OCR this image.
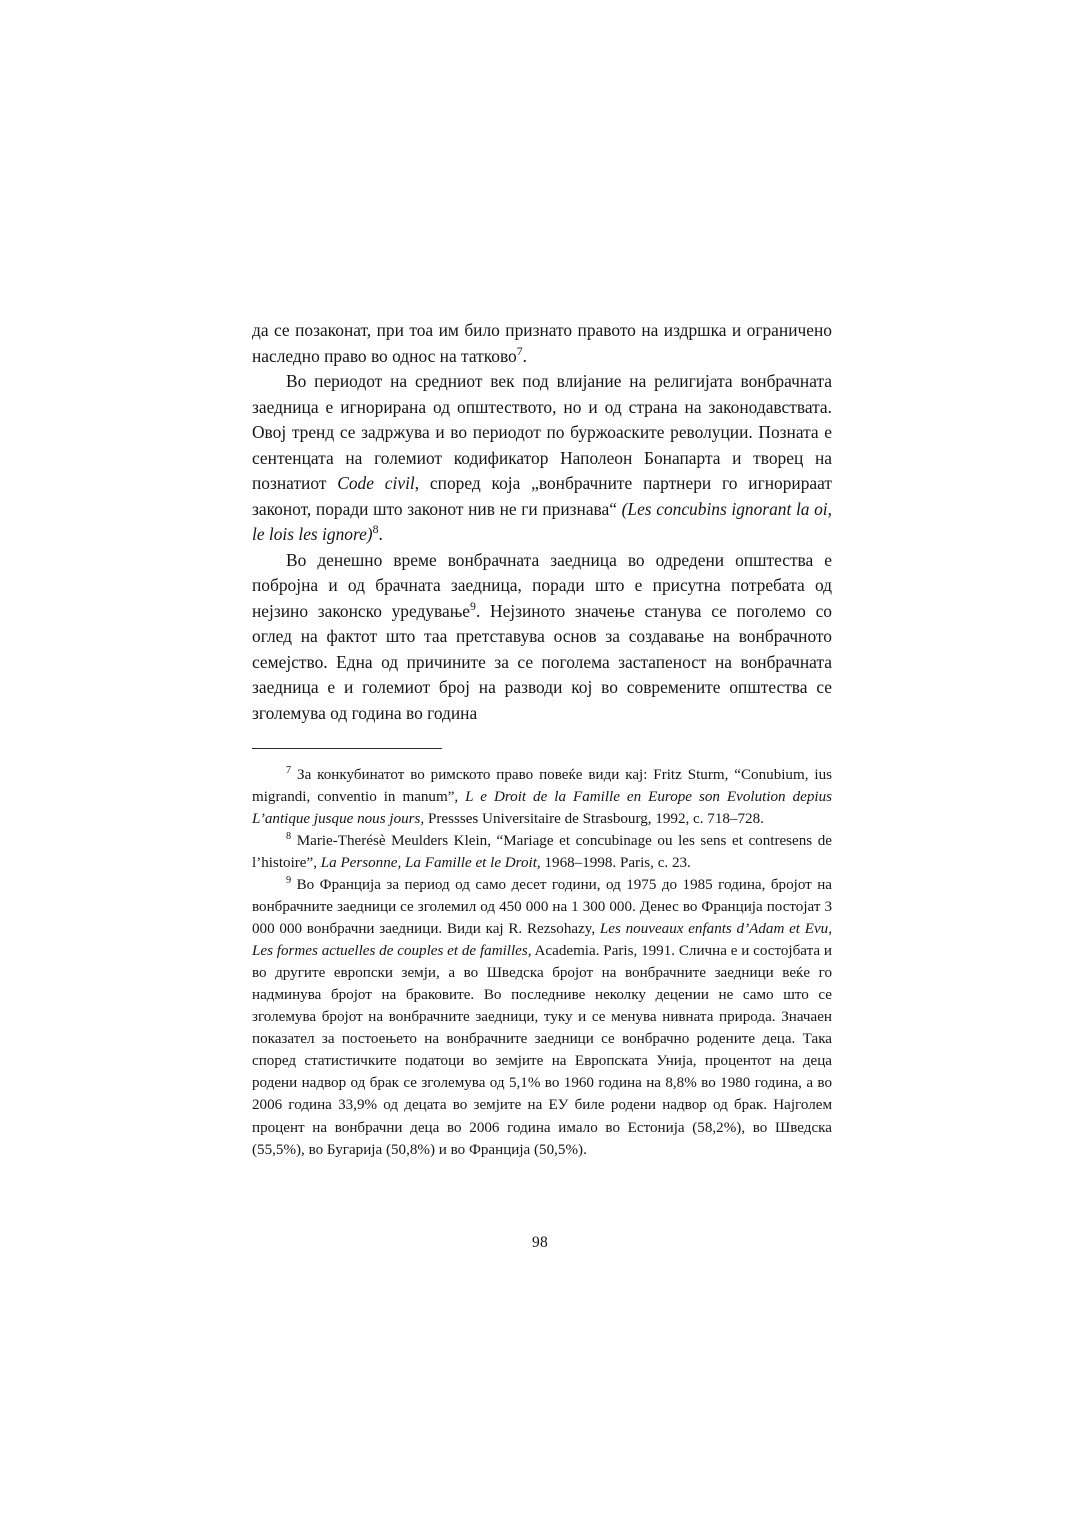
да се позаконат, при тоа им било признато правото на издршка и ограничено наследно право во однос на татково$^7$.

Во периодот на средниот век под влијание на религијата вонбрачната заедница е игнорирана од општеството, но и од страна на законодавствата. Овој тренд се задржува и во периодот по буржоаските револуции. Позната е сентенцата на големиот кодификатор Наполеон Бонапарта и творец на познатиот Code civil, според која „вонбрачните партнери го игнорираат законот, поради што законот нив не ги признава“ (Les concubins ignorant la oi, le lois les ignore)$^8$.

Во денешно време вонбрачната заедница во одредени општества е побројна и од брачната заедница, поради што е присутна потребата од нејзино законско уредување$^9$. Нејзиното значење станува се поголемо со оглед на фактот што таа претставува основ за создавање на вонбрачното семејство. Една од причините за се поголема застапеност на вонбрачната заедница е и големиот број на разводи кој во современите општества се зголемува од година во година

$^7$ За конкубинатот во римското право повеќе види кај: Fritz Sturm, “Conubium, ius migrandi, conventio in manum”, L e Droit de la Famille en Europe son Evolution depius L’antique jusque nous jours, Pressses Universitaire de Strasbourg, 1992, с. 718–728.

$^8$ Marie-Therésè Meulders Klein, “Mariage et concubinage ou les sens et contresens de l’histoire”, La Personne, La Famille et le Droit, 1968–1998. Paris, с. 23.

$^9$ Во Франција за период од само десет години, од 1975 до 1985 година, бројот на вонбрачните заедници се зголемил од 450 000 на 1 300 000. Денес во Франција постојат 3 000 000 вонбрачни заедници. Види кај R. Rezsohazy, Les nouveaux enfants d’Adam et Evu, Les formes actuelles de couples et de familles, Academia. Paris, 1991. Слична е и состојбата и во другите европски земји, а во Шведска бројот на вонбрачните заедници веќе го надминува бројот на браковите. Во последниве неколку децении не само што се зголемува бројот на вонбрачните заедници, туку и се менува нивната природа. Значаен показател за постоењето на вонбрачните заедници се вонбрачно родените деца. Така според статистичките податоци во земјите на Европската Унија, процентот на деца родени надвор од брак се зголемува од 5,1% во 1960 година на 8,8% во 1980 година, а во 2006 година 33,9% од децата во земјите на ЕУ биле родени надвор од брак. Најголем процент на вонбрачни деца во 2006 година имало во Естонија (58,2%), во Шведска (55,5%), во Бугарија (50,8%) и во Франција (50,5%).

98
